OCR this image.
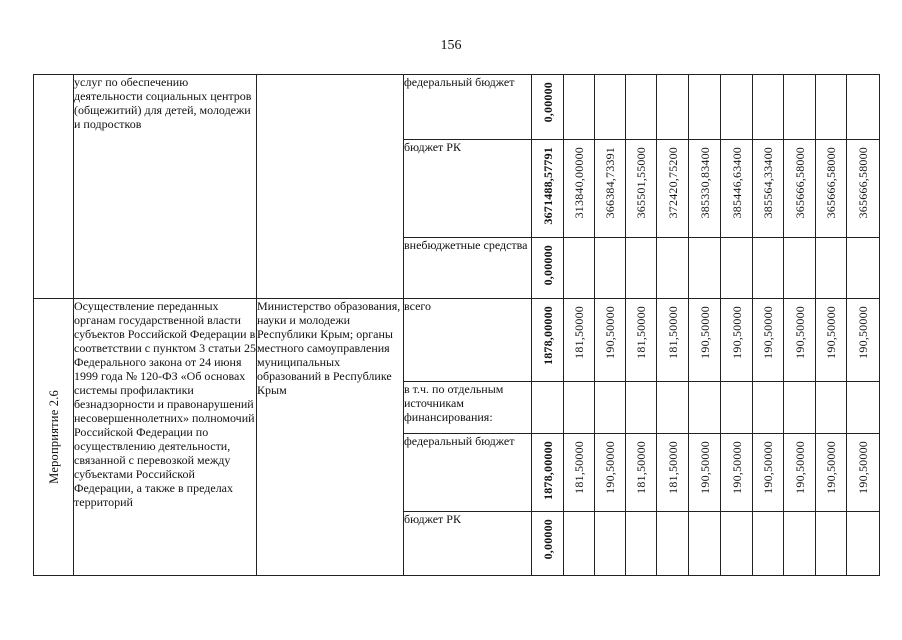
156
	услуг по обеспечению деятельности социальных центров (общежитий) для детей, молодежи и подростков		федеральный бюджет	0,00000										
			бюджет РК	3671488,57791	313840,00000	366384,73391	365501,55000	372420,75200	385330,83400	385446,63400	385564,33400	365666,58000	365666,58000	365666,58000
			внебюджетные средства	0,00000										

Мероприятие 2.6	Осуществление переданных органам государственной власти субъектов Российской Федерации в соответствии с пунктом 3 статьи 25 Федерального закона от 24 июня 1999 года № 120-ФЗ «Об основах системы профилактики безнадзорности и правонарушений несовершеннолетних» полномочий Российской Федерации по осуществлению деятельности, связанной с перевозкой между субъектами Российской Федерации, а также в пределах территорий	Министерство образования, науки и молодежи Республики Крым; органы местного самоуправления муниципальных образований в Республике Крым	всего	1878,00000	181,50000	190,50000	181,50000	181,50000	190,50000	190,50000	190,50000	190,50000	190,50000	190,50000
			в т.ч. по отдельным источникам финансирования:											
			федеральный бюджет	1878,00000	181,50000	190,50000	181,50000	181,50000	190,50000	190,50000	190,50000	190,50000	190,50000	190,50000
			бюджет РК	0,00000										
